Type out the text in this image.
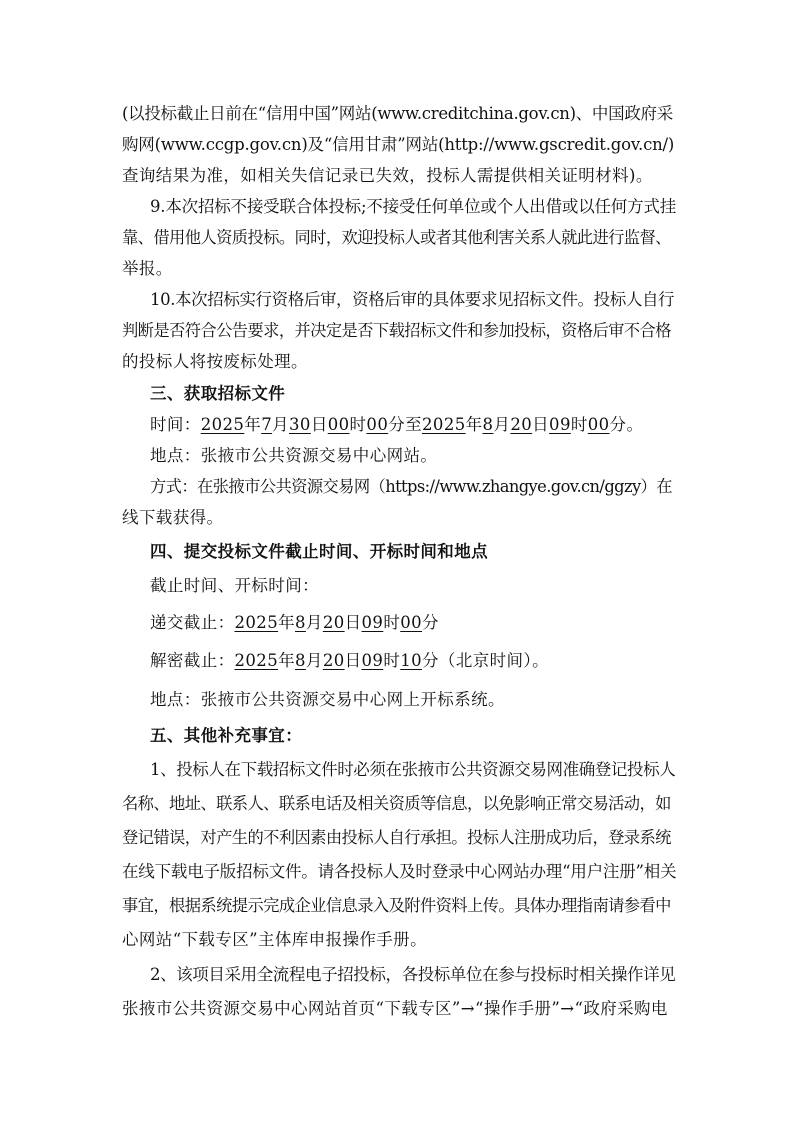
(以投标截止日前在“信用中国”网站(www.creditchina.gov.cn)、中国政府采
购网(www.ccgp.gov.cn)及“信用甘肃”网站(http://www.gscredit.gov.cn/)
查询结果为准，如相关失信记录已失效，投标人需提供相关证明材料)。
9.本次招标不接受联合体投标;不接受任何单位或个人出借或以任何方式挂
靠、借用他人资质投标。同时，欢迎投标人或者其他利害关系人就此进行监督、
举报。
10.本次招标实行资格后审，资格后审的具体要求见招标文件。投标人自行
判断是否符合公告要求，并决定是否下载招标文件和参加投标，资格后审不合格
的投标人将按废标处理。
三、获取招标文件
时间：2025年7月30日00时00分至2025年8月20日09时00分。
地点：张掖市公共资源交易中心网站。
方式：在张掖市公共资源交易网（https://www.zhangye.gov.cn/ggzy）在
线下载获得。
四、提交投标文件截止时间、开标时间和地点
截止时间、开标时间：
递交截止：2025年8月20日09时00分
解密截止：2025年8月20日09时10分（北京时间）。
地点：张掖市公共资源交易中心网上开标系统。
五、其他补充事宜：
1、投标人在下载招标文件时必须在张掖市公共资源交易网准确登记投标人
名称、地址、联系人、联系电话及相关资质等信息，以免影响正常交易活动，如
登记错误，对产生的不利因素由投标人自行承担。投标人注册成功后，登录系统
在线下载电子版招标文件。请各投标人及时登录中心网站办理“用户注册”相关
事宜，根据系统提示完成企业信息录入及附件资料上传。具体办理指南请参看中
心网站“下载专区”主体库申报操作手册。
2、该项目采用全流程电子招投标，各投标单位在参与投标时相关操作详见
张掖市公共资源交易中心网站首页“下载专区”→“操作手册”→“政府采购电
